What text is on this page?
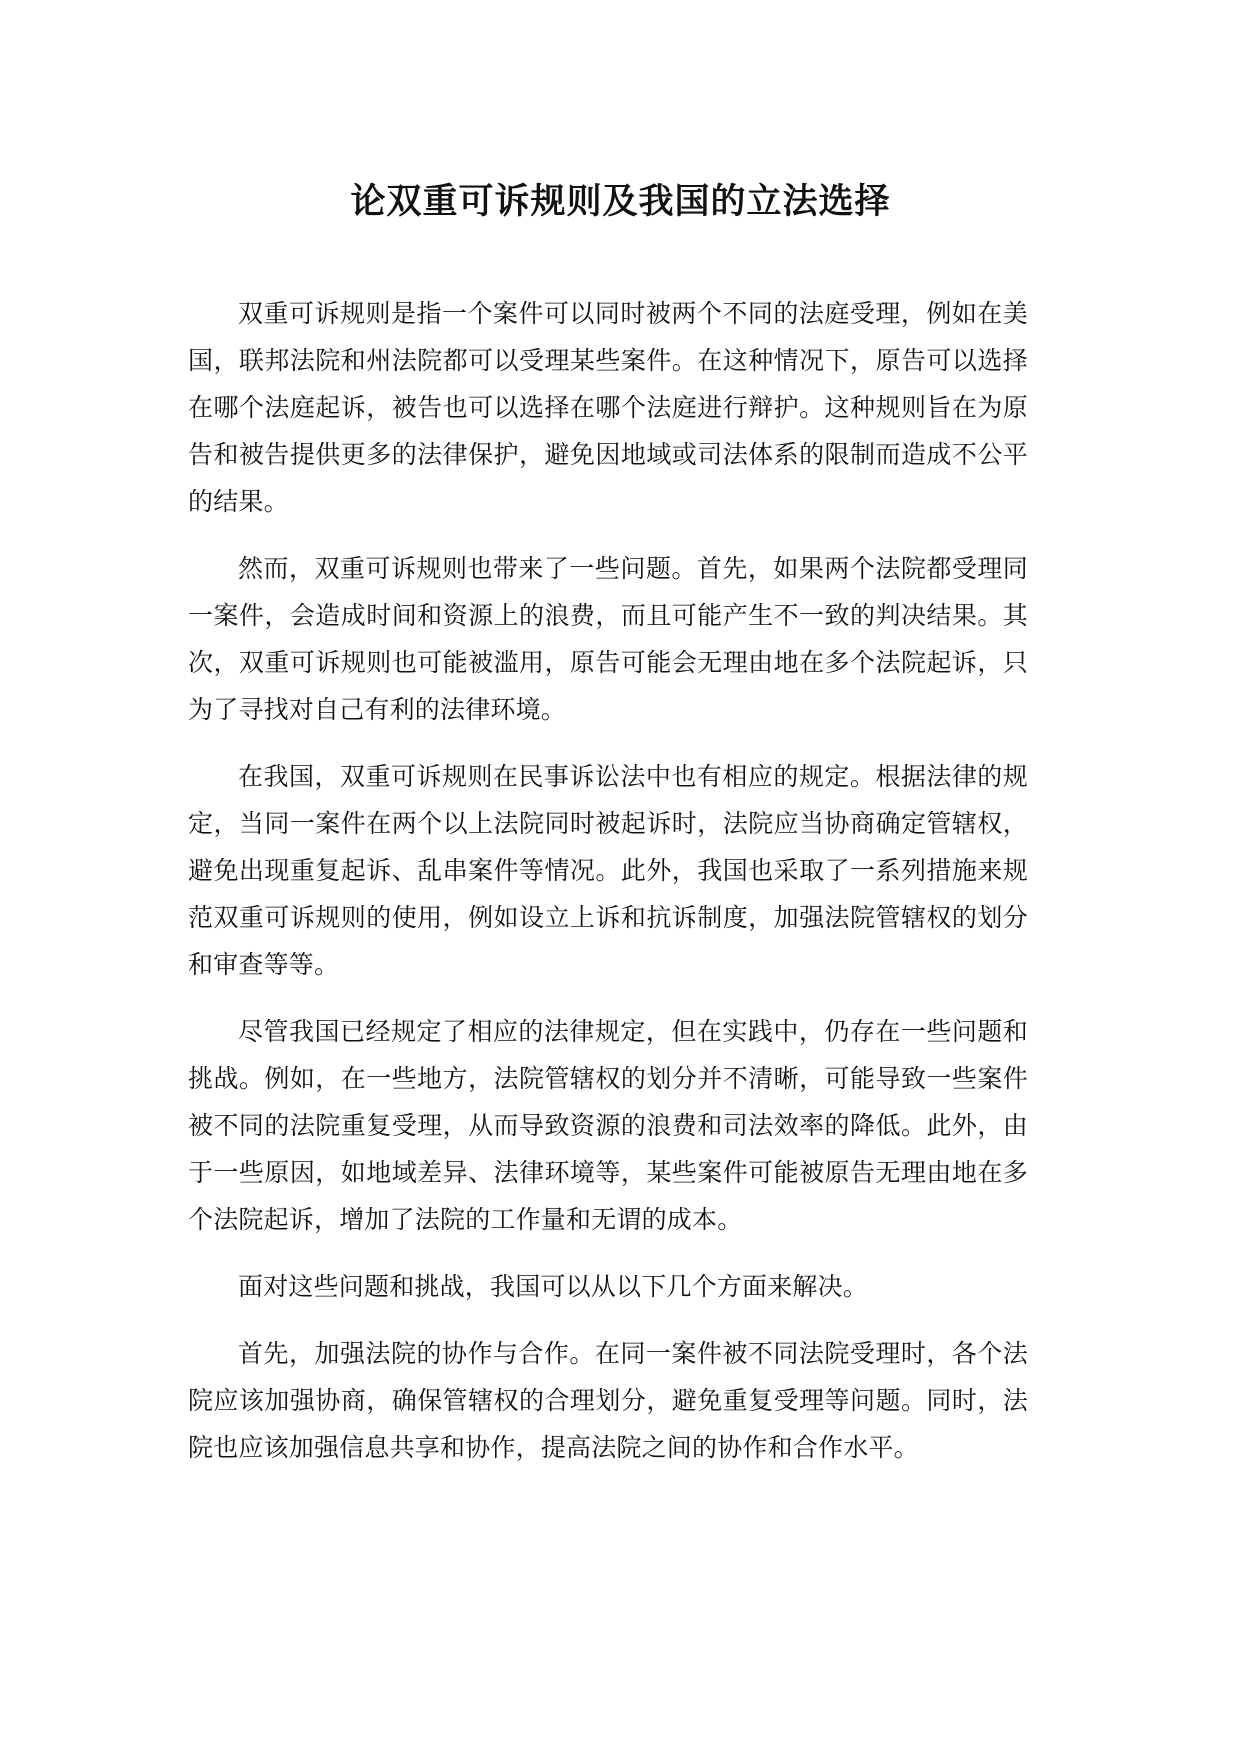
论双重可诉规则及我国的立法选择

双重可诉规则是指一个案件可以同时被两个不同的法庭受理，例如在美国，联邦法院和州法院都可以受理某些案件。在这种情况下，原告可以选择在哪个法庭起诉，被告也可以选择在哪个法庭进行辩护。这种规则旨在为原告和被告提供更多的法律保护，避免因地域或司法体系的限制而造成不公平的结果。

然而，双重可诉规则也带来了一些问题。首先，如果两个法院都受理同一案件，会造成时间和资源上的浪费，而且可能产生不一致的判决结果。其次，双重可诉规则也可能被滥用，原告可能会无理由地在多个法院起诉，只为了寻找对自己有利的法律环境。

在我国，双重可诉规则在民事诉讼法中也有相应的规定。根据法律的规定，当同一案件在两个以上法院同时被起诉时，法院应当协商确定管辖权，避免出现重复起诉、乱串案件等情况。此外，我国也采取了一系列措施来规范双重可诉规则的使用，例如设立上诉和抗诉制度，加强法院管辖权的划分和审查等等。

尽管我国已经规定了相应的法律规定，但在实践中，仍存在一些问题和挑战。例如，在一些地方，法院管辖权的划分并不清晰，可能导致一些案件被不同的法院重复受理，从而导致资源的浪费和司法效率的降低。此外，由于一些原因，如地域差异、法律环境等，某些案件可能被原告无理由地在多个法院起诉，增加了法院的工作量和无谓的成本。

面对这些问题和挑战，我国可以从以下几个方面来解决。

首先，加强法院的协作与合作。在同一案件被不同法院受理时，各个法院应该加强协商，确保管辖权的合理划分，避免重复受理等问题。同时，法院也应该加强信息共享和协作，提高法院之间的协作和合作水平。
